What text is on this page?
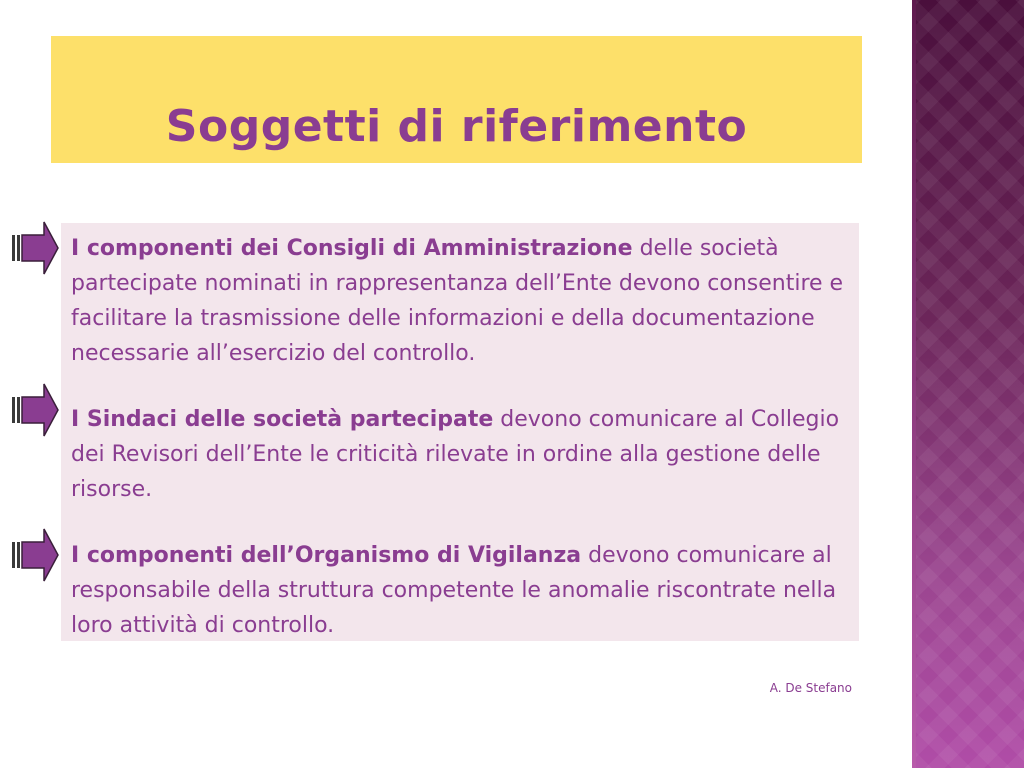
Soggetti di riferimento

I componenti dei Consigli di Amministrazione delle società partecipate nominati in rappresentanza dell’Ente devono consentire e facilitare la trasmissione delle informazioni e della documentazione necessarie all’esercizio del controllo.

I Sindaci delle società partecipate devono comunicare al Collegio dei Revisori dell’Ente le criticità rilevate in ordine alla gestione delle risorse.

I componenti dell’Organismo di Vigilanza devono comunicare al responsabile della struttura competente le anomalie riscontrate nella loro attività di controllo.

A. De Stefano
